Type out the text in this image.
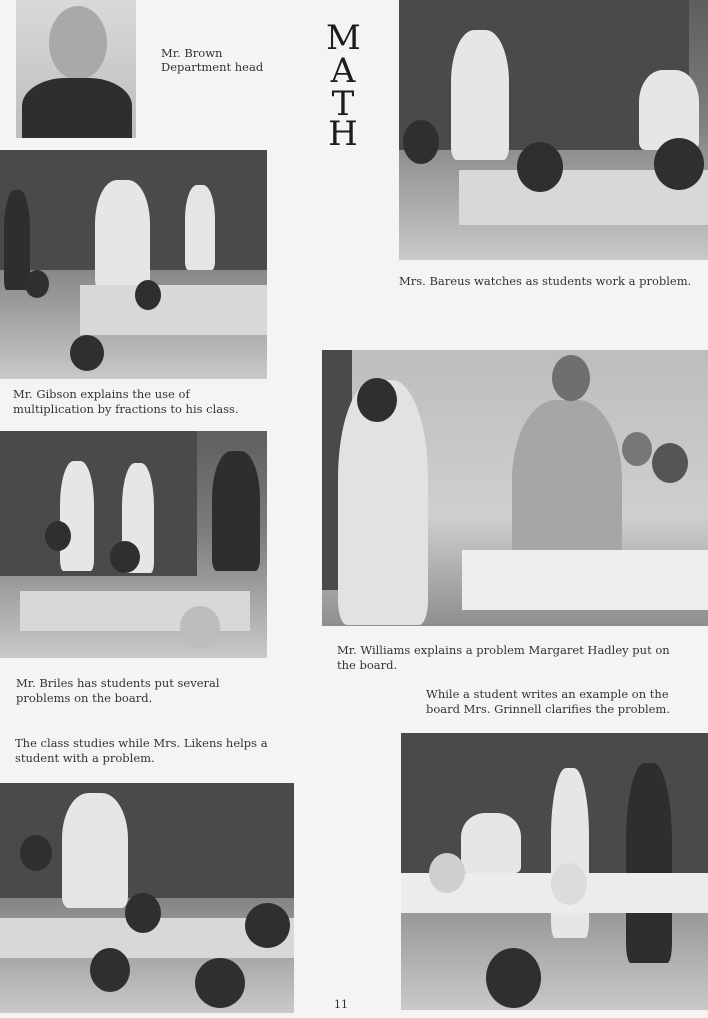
Mr. Brown

Department head

M
A
T
H

Mr. Gibson explains the use of multiplication by fractions to his class.

Mr. Briles has students put several problems on the board.

The class studies while Mrs. Likens helps a student with a problem.

Mrs. Bareus watches as students work a problem.

Mr. Williams explains a problem Margaret Hadley put on the board.

While a student writes an example on the board Mrs. Grinnell clarifies the problem.

11
